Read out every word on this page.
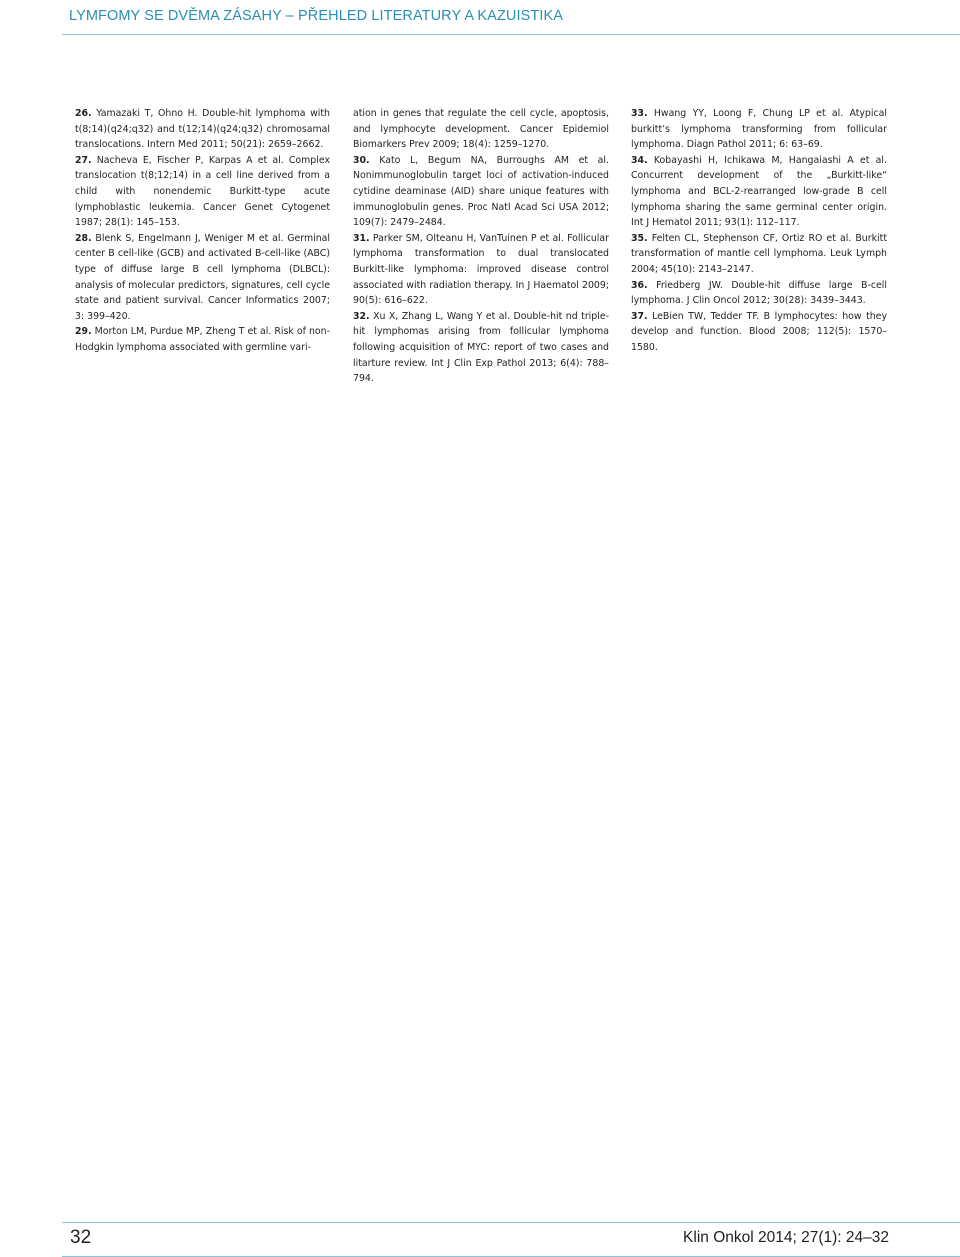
LYMFOMY SE DVĚMA ZÁSAHY – PŘEHLED LITERATURY A KAZUISTIKA

26. Yamazaki T, Ohno H. Double-hit lymphoma with t(8;14)(q24;q32) and t(12;14)(q24;q32) chromosamal translocations. Intern Med 2011; 50(21): 2659–2662.

27. Nacheva E, Fischer P, Karpas A et al. Complex translocation t(8;12;14) in a cell line derived from a child with nonendemic Burkitt-type acute lymphoblastic leukemia. Cancer Genet Cytogenet 1987; 28(1): 145–153.

28. Blenk S, Engelmann J, Weniger M et al. Germinal center B cell-like (GCB) and activated B-cell-like (ABC) type of diffuse large B cell lymphoma (DLBCL): analysis of molecular predictors, signatures, cell cycle state and patient survival. Cancer Informatics 2007; 3: 399–420.

29. Morton LM, Purdue MP, Zheng T et al. Risk of non-Hodgkin lymphoma associated with germline vari-

ation in genes that regulate the cell cycle, apoptosis, and lymphocyte development. Cancer Epidemiol Biomarkers Prev 2009; 18(4): 1259–1270.

30. Kato L, Begum NA, Burroughs AM et al. Nonimmunoglobulin target loci of activation-induced cytidine deaminase (AID) share unique features with immunoglobulin genes. Proc Natl Acad Sci USA 2012; 109(7): 2479–2484.

31. Parker SM, Olteanu H, VanTuinen P et al. Follicular lymphoma transformation to dual translocated Burkitt-like lymphoma: improved disease control associated with radiation therapy. In J Haematol 2009; 90(5): 616–622.

32. Xu X, Zhang L, Wang Y et al. Double-hit nd triple-hit lymphomas arising from follicular lymphoma following acquisition of MYC: report of two cases and litarture review. Int J Clin Exp Pathol 2013; 6(4): 788–794.

33. Hwang YY, Loong F, Chung LP et al. Atypical burkitt’s lymphoma transforming from follicular lymphoma. Diagn Pathol 2011; 6: 63–69.

34. Kobayashi H, Ichikawa M, Hangaiashi A et al. Concurrent development of the „Burkitt-like“ lymphoma and BCL-2-rearranged low-grade B cell lymphoma sharing the same germinal center origin. Int J Hematol 2011; 93(1): 112–117.

35. Felten CL, Stephenson CF, Ortiz RO et al. Burkitt transformation of mantle cell lymphoma. Leuk Lymph 2004; 45(10): 2143–2147.

36. Friedberg JW. Double-hit diffuse large B-cell lymphoma. J Clin Oncol 2012; 30(28): 3439–3443.

37. LeBien TW, Tedder TF. B lymphocytes: how they develop and function. Blood 2008; 112(5): 1570–1580.

32	Klin Onkol 2014; 27(1): 24–32
